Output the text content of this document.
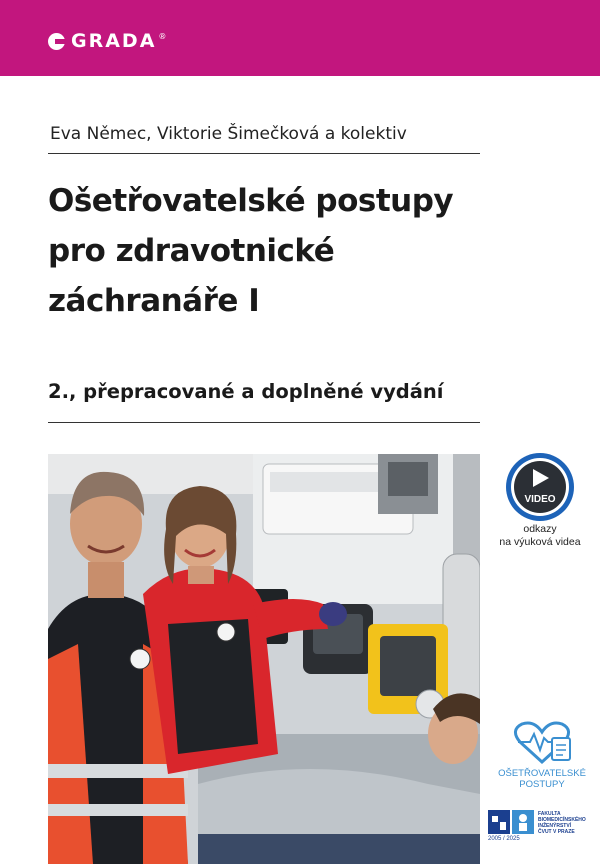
GRADA ®
Eva Němec, Viktorie Šimečková a kolektiv
Ošetřovatelské postupy
pro zdravotnické
záchranáře I
2., přepracované a doplněné vydání
VIDEO
odkazy
na výuková videa
OŠETŘOVATELSKÉ
POSTUPY
FAKULTA
BIOMEDICÍNSKÉHO
INŽENÝRSTVÍ
ČVUT V PRAZE
2005 / 2025
